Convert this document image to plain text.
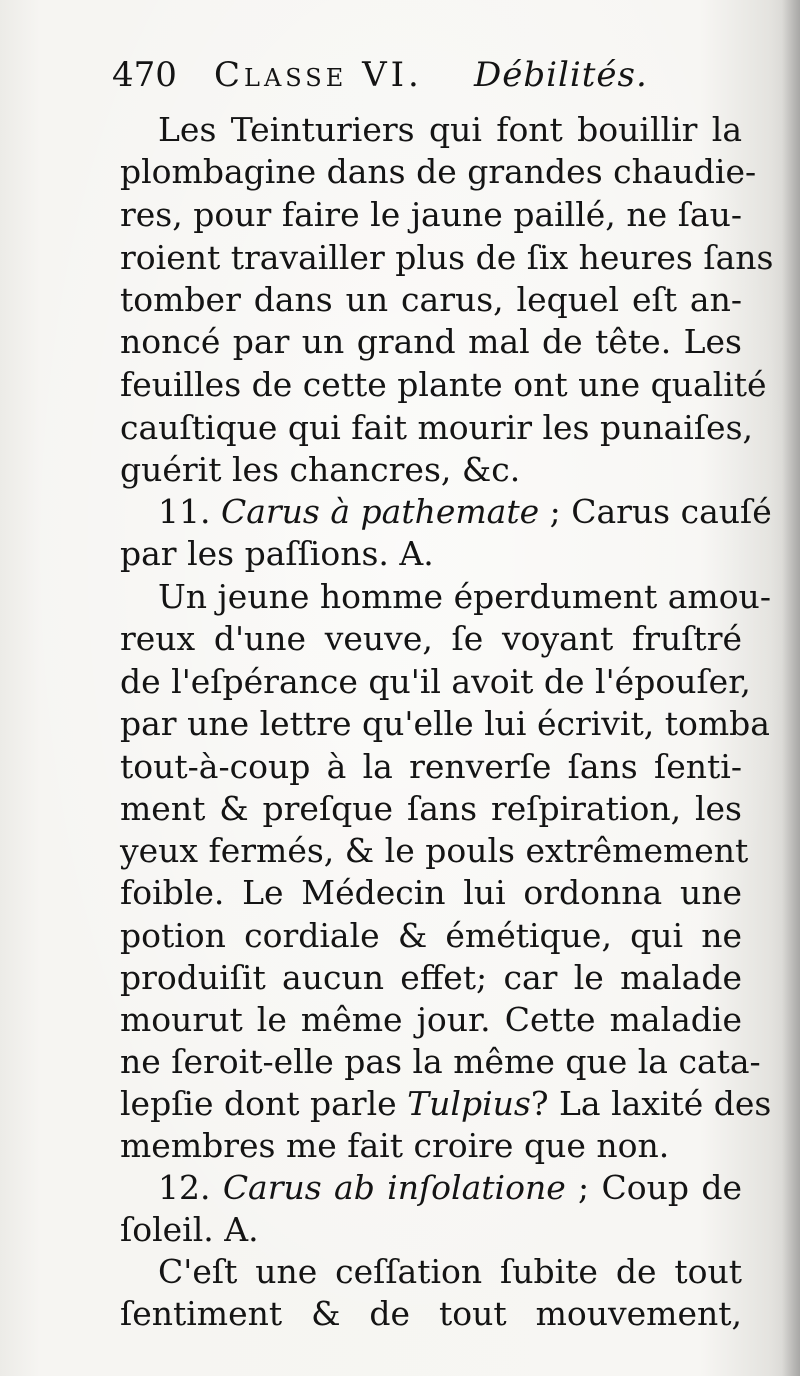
470 Classe VI. Débilités.
Les Teinturiers qui font bouillir la
plombagine dans de grandes chaudie-
res, pour faire le jaune paillé, ne ſau-
roient travailler plus de ſix heures ſans
tomber dans un carus, lequel eſt an-
noncé par un grand mal de tête. Les
feuilles de cette plante ont une qualité
cauſtique qui fait mourir les punaiſes,
guérit les chancres, &c.
11. Carus à pathemate ; Carus cauſé
par les paſſions. A.
Un jeune homme éperdument amou-
reux d'une veuve, ſe voyant fruſtré
de l'eſpérance qu'il avoit de l'épouſer,
par une lettre qu'elle lui écrivit, tomba
tout-à-coup à la renverſe ſans ſenti-
ment & preſque ſans reſpiration, les
yeux fermés, & le pouls extrêmement
foible. Le Médecin lui ordonna une
potion cordiale & émétique, qui ne
produiſit aucun effet; car le malade
mourut le même jour. Cette maladie
ne ſeroit-elle pas la même que la cata-
lepſie dont parle Tulpius? La laxité des
membres me fait croire que non.
12. Carus ab inſolatione ; Coup de
ſoleil. A.
C'eſt une ceſſation ſubite de tout
ſentiment & de tout mouvement,
